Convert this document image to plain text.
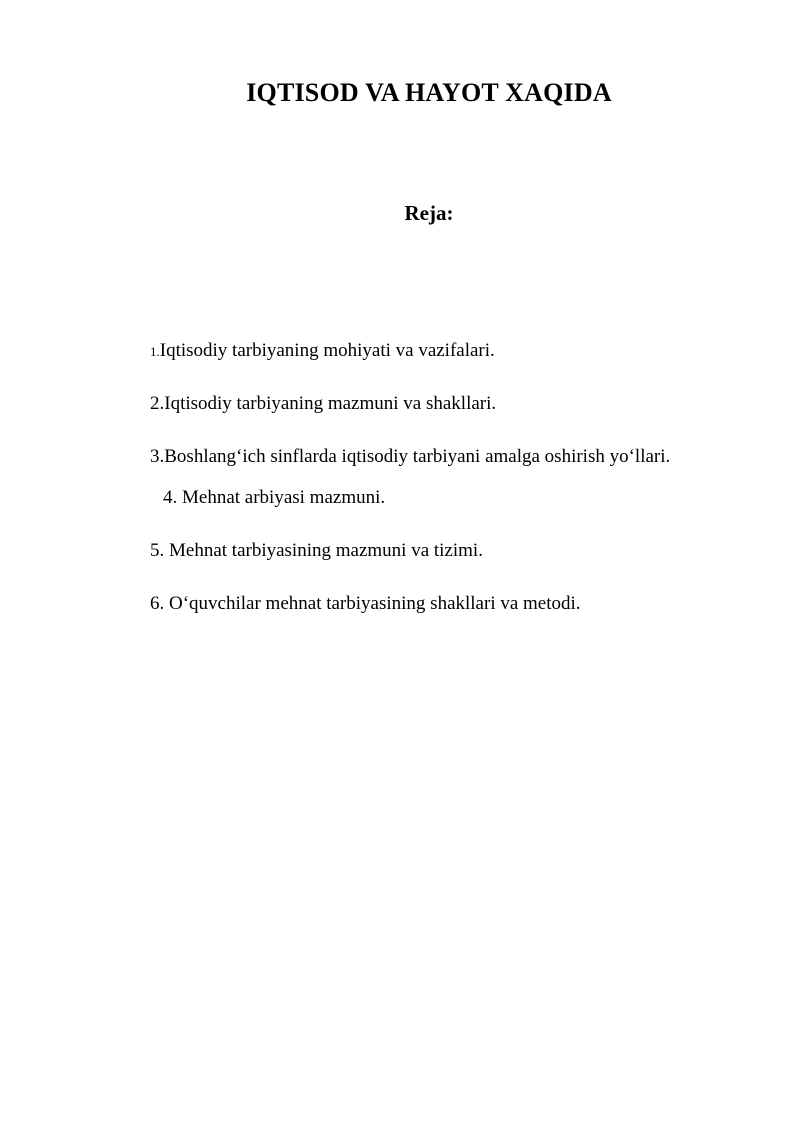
IQTISOD VA HAYOT XAQIDA
Reja:
1.Iqtisodiy tarbiyaning mohiyati va vazifalari.
2.Iqtisodiy tarbiyaning mazmuni va shakllari.
3.Boshlang‘ich sinflarda iqtisodiy tarbiyani amalga oshirish yo‘llari.
4. Mehnat arbiyasi mazmuni.
5. Mehnat tarbiyasining mazmuni va tizimi.
6. O‘quvchilar mehnat tarbiyasining shakllari va metodi.
